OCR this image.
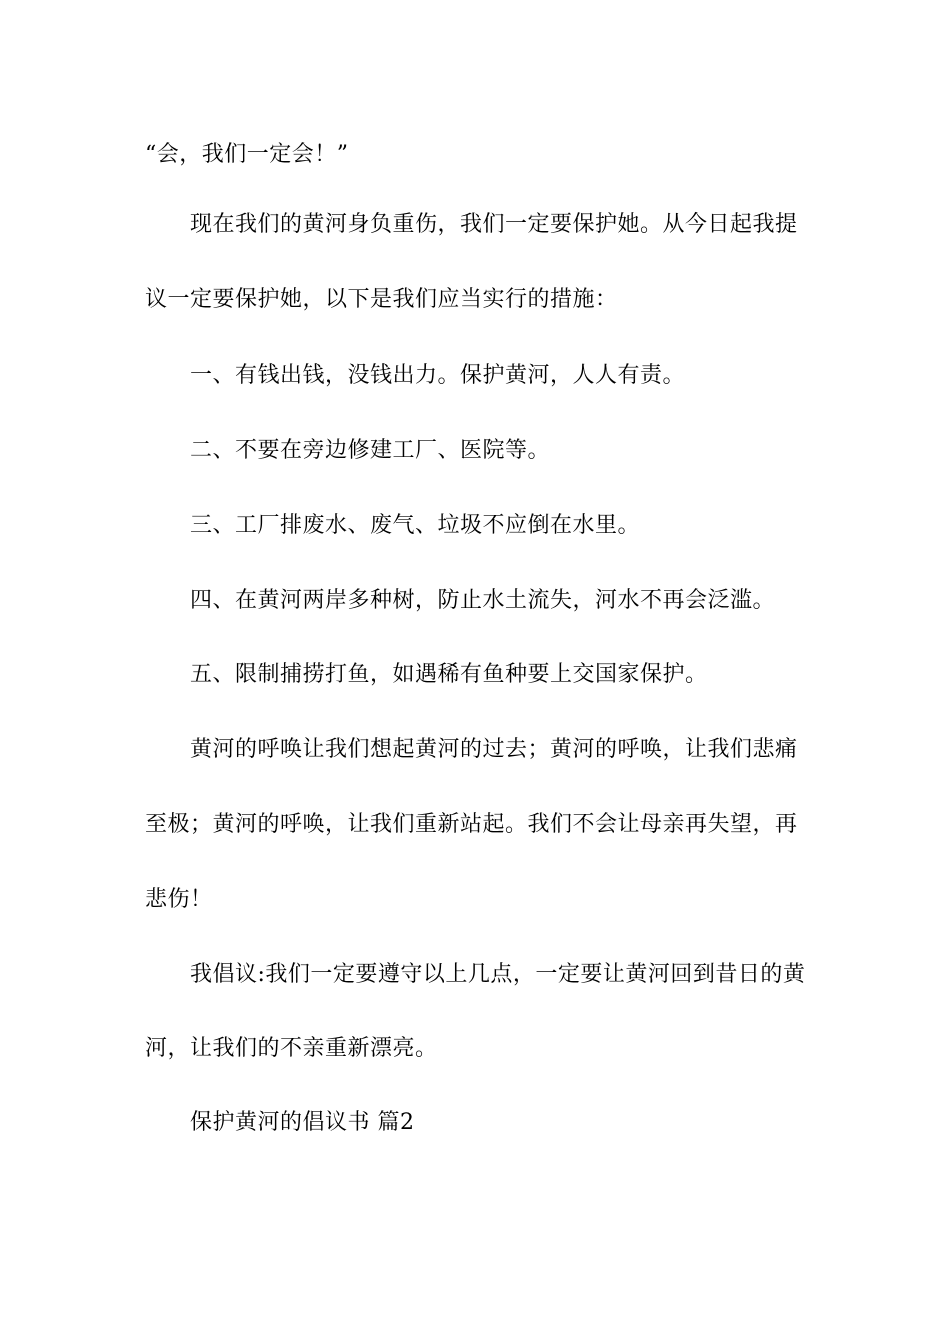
“会，我们一定会！”
现在我们的黄河身负重伤，我们一定要保护她。从今日起我提
议一定要保护她，以下是我们应当实行的措施：
一、有钱出钱，没钱出力。保护黄河，人人有责。
二、不要在旁边修建工厂、医院等。
三、工厂排废水、废气、垃圾不应倒在水里。
四、在黄河两岸多种树，防止水土流失，河水不再会泛滥。
五、限制捕捞打鱼，如遇稀有鱼种要上交国家保护。
黄河的呼唤让我们想起黄河的过去；黄河的呼唤，让我们悲痛
至极；黄河的呼唤，让我们重新站起。我们不会让母亲再失望，再
悲伤！
我倡议:我们一定要遵守以上几点，一定要让黄河回到昔日的黄
河，让我们的不亲重新漂亮。
保护黄河的倡议书 篇2
